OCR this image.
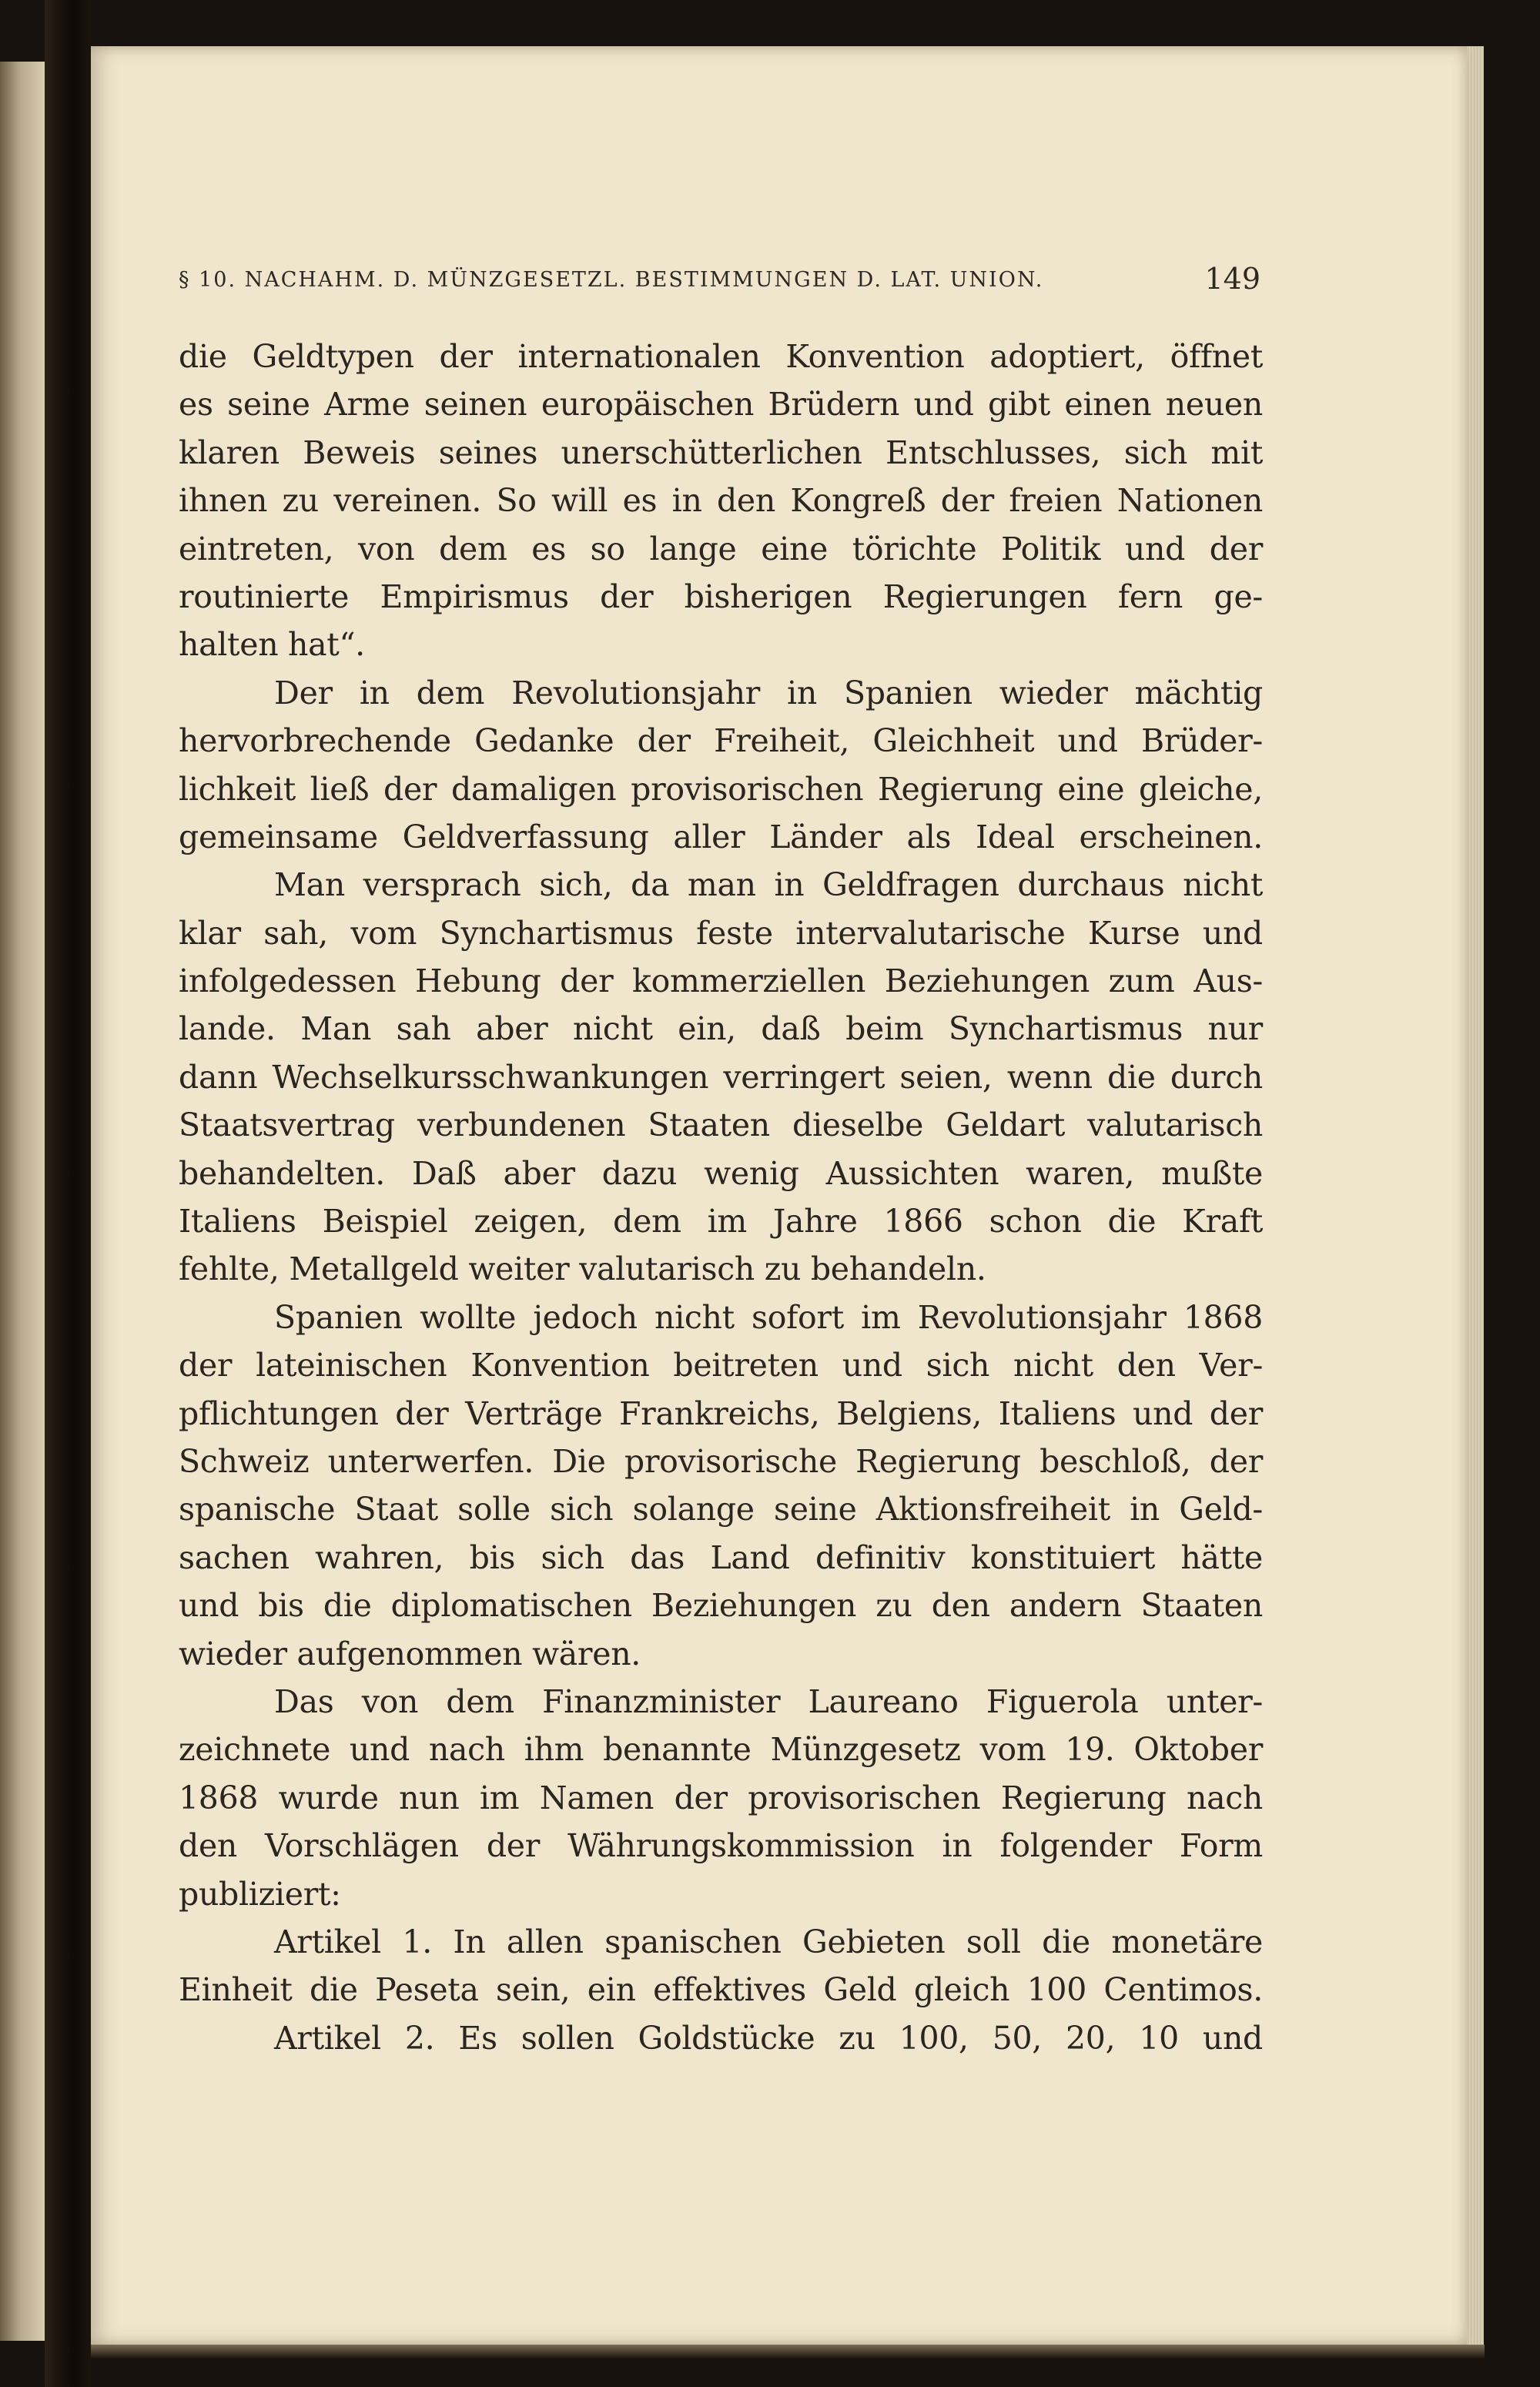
§ 10. NACHAHM. D. MÜNZGESETZL. BESTIMMUNGEN D. LAT. UNION.	149
die Geldtypen der internationalen Konvention adoptiert, öffnet
es seine Arme seinen europäischen Brüdern und gibt einen neuen
klaren Beweis seines unerschütterlichen Entschlusses, sich mit
ihnen zu vereinen. So will es in den Kongreß der freien Nationen
eintreten, von dem es so lange eine törichte Politik und der
routinierte Empirismus der bisherigen Regierungen fern ge-
halten hat“.
Der in dem Revolutionsjahr in Spanien wieder mächtig
hervorbrechende Gedanke der Freiheit, Gleichheit und Brüder-
lichkeit ließ der damaligen provisorischen Regierung eine gleiche,
gemeinsame Geldverfassung aller Länder als Ideal erscheinen.
Man versprach sich, da man in Geldfragen durchaus nicht
klar sah, vom Synchartismus feste intervalutarische Kurse und
infolgedessen Hebung der kommerziellen Beziehungen zum Aus-
lande. Man sah aber nicht ein, daß beim Synchartismus nur
dann Wechselkursschwankungen verringert seien, wenn die durch
Staatsvertrag verbundenen Staaten dieselbe Geldart valutarisch
behandelten. Daß aber dazu wenig Aussichten waren, mußte
Italiens Beispiel zeigen, dem im Jahre 1866 schon die Kraft
fehlte, Metallgeld weiter valutarisch zu behandeln.
Spanien wollte jedoch nicht sofort im Revolutionsjahr 1868
der lateinischen Konvention beitreten und sich nicht den Ver-
pflichtungen der Verträge Frankreichs, Belgiens, Italiens und der
Schweiz unterwerfen. Die provisorische Regierung beschloß, der
spanische Staat solle sich solange seine Aktionsfreiheit in Geld-
sachen wahren, bis sich das Land definitiv konstituiert hätte
und bis die diplomatischen Beziehungen zu den andern Staaten
wieder aufgenommen wären.
Das von dem Finanzminister Laureano Figuerola unter-
zeichnete und nach ihm benannte Münzgesetz vom 19. Oktober
1868 wurde nun im Namen der provisorischen Regierung nach
den Vorschlägen der Währungskommission in folgender Form
publiziert:
Artikel 1. In allen spanischen Gebieten soll die monetäre
Einheit die Peseta sein, ein effektives Geld gleich 100 Centimos.
Artikel 2. Es sollen Goldstücke zu 100, 50, 20, 10 und
